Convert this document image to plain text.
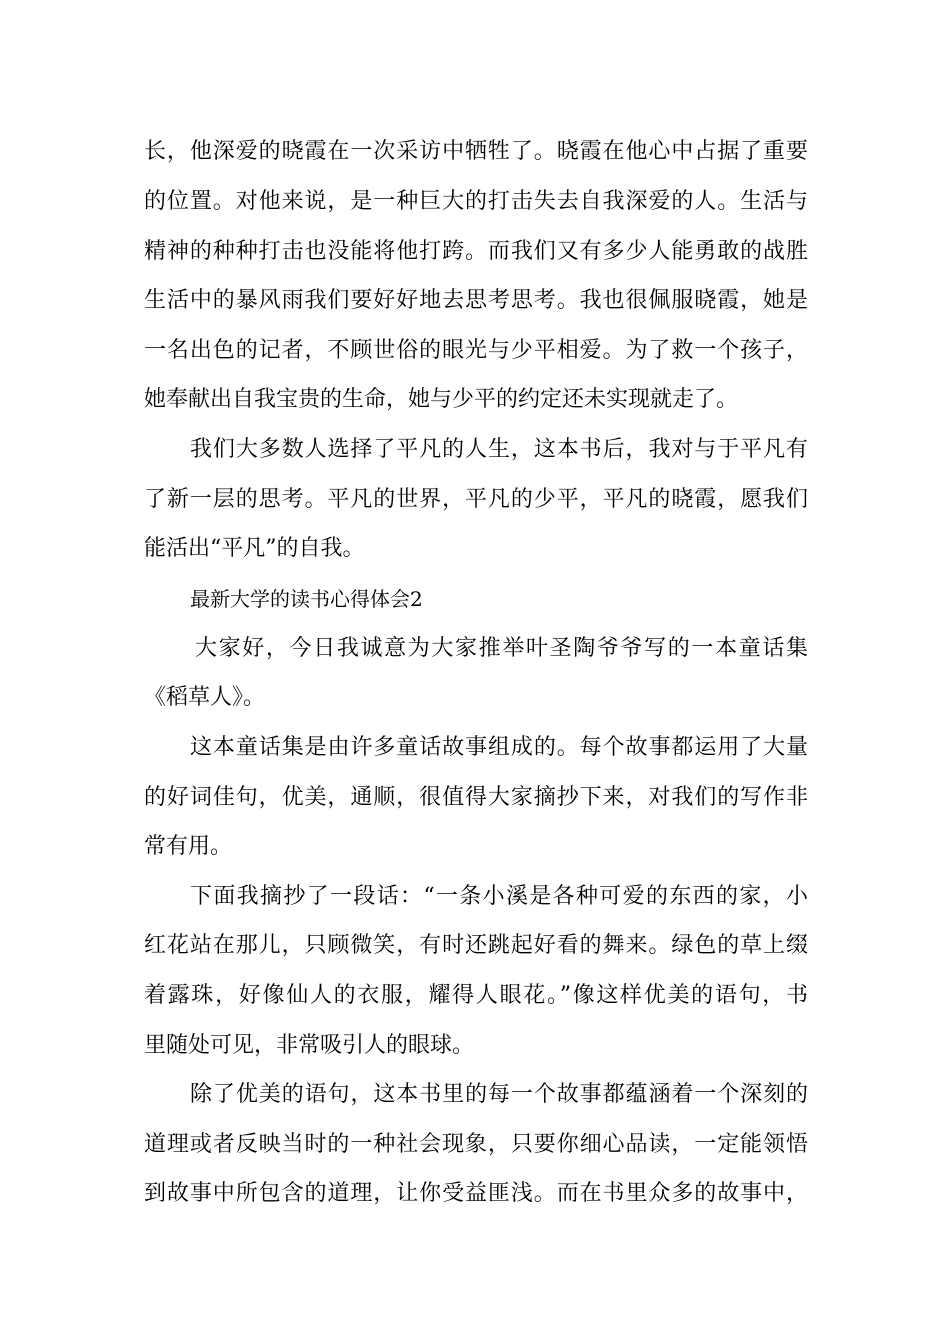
长，他深爱的晓霞在一次采访中牺牲了。晓霞在他心中占据了重要
的位置。对他来说，是一种巨大的打击失去自我深爱的人。生活与
精神的种种打击也没能将他打跨。而我们又有多少人能勇敢的战胜
生活中的暴风雨我们要好好地去思考思考。我也很佩服晓霞，她是
一名出色的记者，不顾世俗的眼光与少平相爱。为了救一个孩子，
她奉献出自我宝贵的生命，她与少平的约定还未实现就走了。
我们大多数人选择了平凡的人生，这本书后，我对与于平凡有
了新一层的思考。平凡的世界，平凡的少平，平凡的晓霞，愿我们
能活出“平凡”的自我。
最新大学的读书心得体会2
大家好，今日我诚意为大家推举叶圣陶爷爷写的一本童话集
《稻草人》。
这本童话集是由许多童话故事组成的。每个故事都运用了大量
的好词佳句，优美，通顺，很值得大家摘抄下来，对我们的写作非
常有用。
下面我摘抄了一段话：“一条小溪是各种可爱的东西的家，小
红花站在那儿，只顾微笑，有时还跳起好看的舞来。绿色的草上缀
着露珠，好像仙人的衣服，耀得人眼花。”像这样优美的语句，书
里随处可见，非常吸引人的眼球。
除了优美的语句，这本书里的每一个故事都蕴涵着一个深刻的
道理或者反映当时的一种社会现象，只要你细心品读，一定能领悟
到故事中所包含的道理，让你受益匪浅。而在书里众多的故事中，
